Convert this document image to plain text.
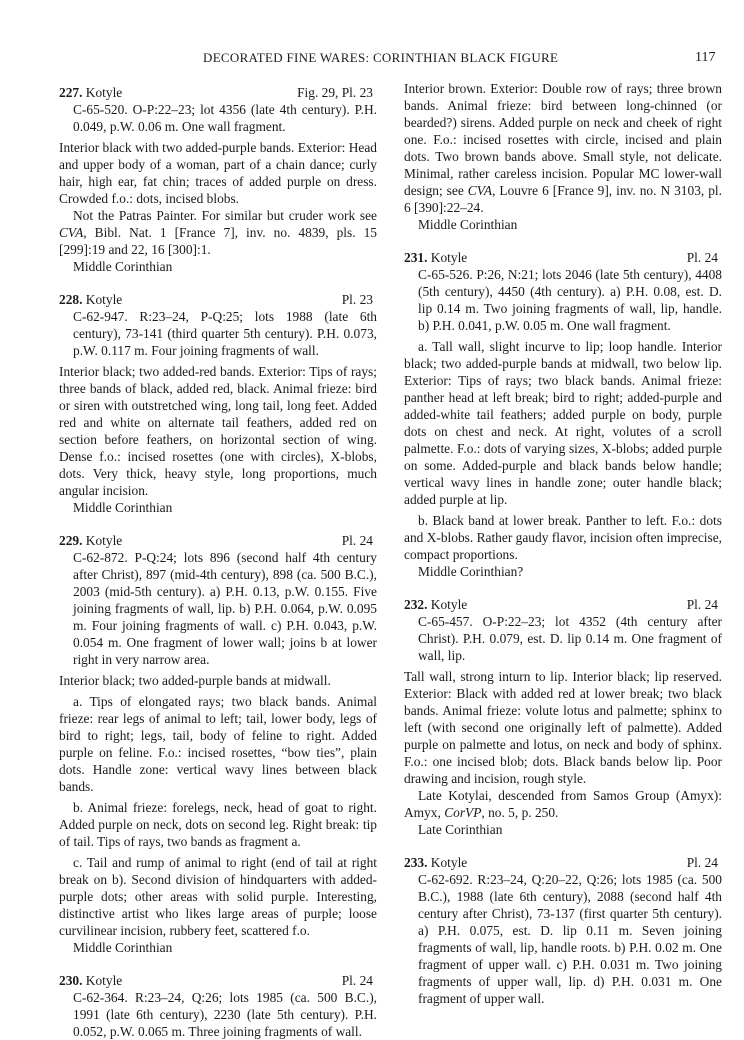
DECORATED FINE WARES: CORINTHIAN BLACK FIGURE	117
227. Kotyle	Fig. 29, Pl. 23

C-65-520. O-P:22–23; lot 4356 (late 4th century). P.H. 0.049, p.W. 0.06 m. One wall fragment.

Interior black with two added-purple bands. Exterior: Head and upper body of a woman, part of a chain dance; curly hair, high ear, fat chin; traces of added purple on dress. Crowded f.o.: dots, incised blobs.

Not the Patras Painter. For similar but cruder work see CVA, Bibl. Nat. 1 [France 7], inv. no. 4839, pls. 15 [299]:19 and 22, 16 [300]:1.

Middle Corinthian

228. Kotyle	Pl. 23

C-62-947. R:23–24, P-Q:25; lots 1988 (late 6th century), 73-141 (third quarter 5th century). P.H. 0.073, p.W. 0.117 m. Four joining fragments of wall.

Interior black; two added-red bands. Exterior: Tips of rays; three bands of black, added red, black. Animal frieze: bird or siren with outstretched wing, long tail, long feet. Added red and white on alternate tail feathers, added red on section before feathers, on horizontal section of wing. Dense f.o.: incised rosettes (one with circles), X-blobs, dots. Very thick, heavy style, long proportions, much angular incision.

Middle Corinthian

229. Kotyle	Pl. 24

C-62-872. P-Q:24; lots 896 (second half 4th century after Christ), 897 (mid-4th century), 898 (ca. 500 B.C.), 2003 (mid-5th century). a) P.H. 0.13, p.W. 0.155. Five joining fragments of wall, lip. b) P.H. 0.064, p.W. 0.095 m. Four joining fragments of wall. c) P.H. 0.043, p.W. 0.054 m. One fragment of lower wall; joins b at lower right in very narrow area.

Interior black; two added-purple bands at midwall.

a. Tips of elongated rays; two black bands. Animal frieze: rear legs of animal to left; tail, lower body, legs of bird to right; legs, tail, body of feline to right. Added purple on feline. F.o.: incised rosettes, “bow ties”, plain dots. Handle zone: vertical wavy lines between black bands.

b. Animal frieze: forelegs, neck, head of goat to right. Added purple on neck, dots on second leg. Right break: tip of tail. Tips of rays, two bands as fragment a.

c. Tail and rump of animal to right (end of tail at right break on b). Second division of hindquarters with added-purple dots; other areas with solid purple. Interesting, distinctive artist who likes large areas of purple; loose curvilinear incision, rubbery feet, scattered f.o.

Middle Corinthian

230. Kotyle	Pl. 24

C-62-364. R:23–24, Q:26; lots 1985 (ca. 500 B.C.), 1991 (late 6th century), 2230 (late 5th century). P.H. 0.052, p.W. 0.065 m. Three joining fragments of wall.

Interior brown. Exterior: Double row of rays; three brown bands. Animal frieze: bird between long-chinned (or bearded?) sirens. Added purple on neck and cheek of right one. F.o.: incised rosettes with circle, incised and plain dots. Two brown bands above. Small style, not delicate. Minimal, rather careless incision. Popular MC lower-wall design; see CVA, Louvre 6 [France 9], inv. no. N 3103, pl. 6 [390]:22–24.

Middle Corinthian

231. Kotyle	Pl. 24

C-65-526. P:26, N:21; lots 2046 (late 5th century), 4408 (5th century), 4450 (4th century). a) P.H. 0.08, est. D. lip 0.14 m. Two joining fragments of wall, lip, handle. b) P.H. 0.041, p.W. 0.05 m. One wall fragment.

a. Tall wall, slight incurve to lip; loop handle. Interior black; two added-purple bands at midwall, two below lip. Exterior: Tips of rays; two black bands. Animal frieze: panther head at left break; bird to right; added-purple and added-white tail feathers; added purple on body, purple dots on chest and neck. At right, volutes of a scroll palmette. F.o.: dots of varying sizes, X-blobs; added purple on some. Added-purple and black bands below handle; vertical wavy lines in handle zone; outer handle black; added purple at lip.

b. Black band at lower break. Panther to left. F.o.: dots and X-blobs. Rather gaudy flavor, incision often imprecise, compact proportions.

Middle Corinthian?

232. Kotyle	Pl. 24

C-65-457. O-P:22–23; lot 4352 (4th century after Christ). P.H. 0.079, est. D. lip 0.14 m. One fragment of wall, lip.

Tall wall, strong inturn to lip. Interior black; lip reserved. Exterior: Black with added red at lower break; two black bands. Animal frieze: volute lotus and palmette; sphinx to left (with second one originally left of palmette). Added purple on palmette and lotus, on neck and body of sphinx. F.o.: one incised blob; dots. Black bands below lip. Poor drawing and incision, rough style.

Late Kotylai, descended from Samos Group (Amyx): Amyx, CorVP, no. 5, p. 250.

Late Corinthian

233. Kotyle	Pl. 24

C-62-692. R:23–24, Q:20–22, Q:26; lots 1985 (ca. 500 B.C.), 1988 (late 6th century), 2088 (second half 4th century after Christ), 73-137 (first quarter 5th century). a) P.H. 0.075, est. D. lip 0.11 m. Seven joining fragments of wall, lip, handle roots. b) P.H. 0.02 m. One fragment of upper wall. c) P.H. 0.031 m. Two joining fragments of upper wall, lip. d) P.H. 0.031 m. One fragment of upper wall.
